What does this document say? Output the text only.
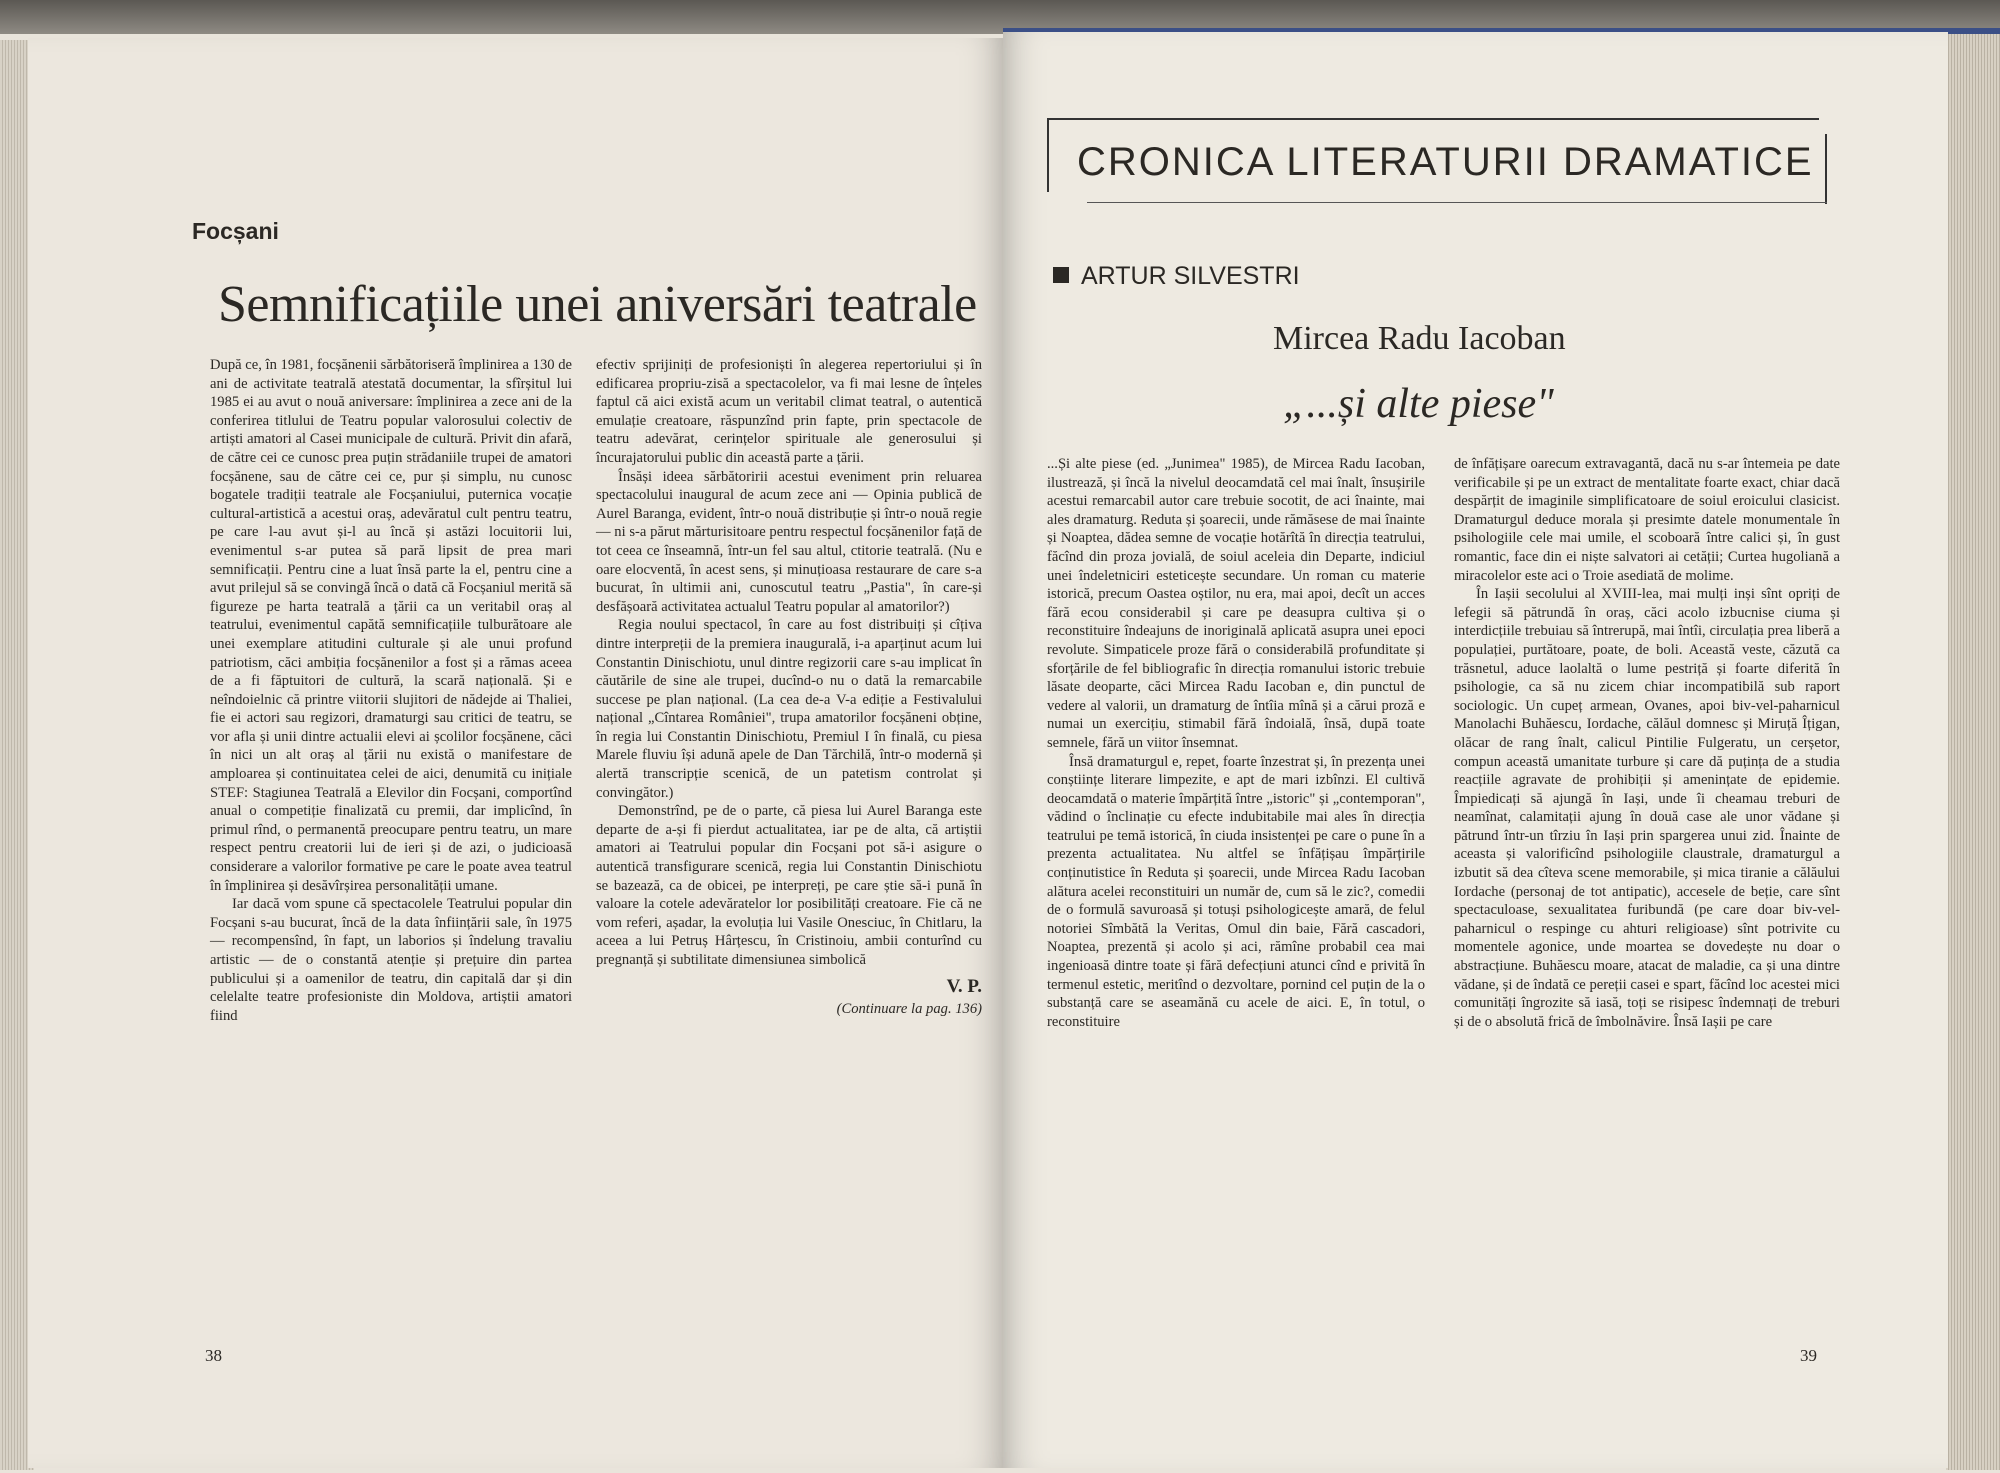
Focșani
Semnificațiile unei aniversări teatrale

După ce, în 1981, focșănenii sărbătoriseră împlinirea a 130 de ani de activitate teatrală atestată documentar, la sfîrșitul lui 1985 ei au avut o nouă aniversare: împlinirea a zece ani de la conferirea titlului de Teatru popular valorosului colectiv de artiști amatori al Casei municipale de cultură. Privit din afară, de către cei ce cunosc prea puțin strădaniile trupei de amatori focșănene, sau de către cei ce, pur și simplu, nu cunosc bogatele tradiții teatrale ale Focșaniului, puternica vocație cultural-artistică a acestui oraș, adevăratul cult pentru teatru, pe care l-au avut și-l au încă și astăzi locuitorii lui, evenimentul s-ar putea să pară lipsit de prea mari semnificații. Pentru cine a luat însă parte la el, pentru cine a avut prilejul să se convingă încă o dată că Focșaniul merită să figureze pe harta teatrală a țării ca un veritabil oraș al teatrului, evenimentul capătă semnificațiile tulburătoare ale unei exemplare atitudini culturale și ale unui profund patriotism, căci ambiția focșănenilor a fost și a rămas aceea de a fi făptuitori de cultură, la scară națională. Și e neîndoielnic că printre viitorii slujitori de nădejde ai Thaliei, fie ei actori sau regizori, dramaturgi sau critici de teatru, se vor afla și unii dintre actualii elevi ai școlilor focșănene, căci în nici un alt oraș al țării nu există o manifestare de amploarea și continuitatea celei de aici, denumită cu inițiale STEF: Stagiunea Teatrală a Elevilor din Focșani, comportînd anual o competiție finalizată cu premii, dar implicînd, în primul rînd, o permanentă preocupare pentru teatru, un mare respect pentru creatorii lui de ieri și de azi, o judicioasă considerare a valorilor formative pe care le poate avea teatrul în împlinirea și desăvîrșirea personalității umane.

Iar dacă vom spune că spectacolele Teatrului popular din Focșani s-au bucurat, încă de la data înființării sale, în 1975 — recompensînd, în fapt, un laborios și îndelung travaliu artistic — de o constantă atenție și prețuire din partea publicului și a oamenilor de teatru, din capitală dar și din celelalte teatre profesioniste din Moldova, artiștii amatori fiind

efectiv sprijiniți de profesioniști în alegerea repertoriului și în edificarea propriu-zisă a spectacolelor, va fi mai lesne de înțeles faptul că aici există acum un veritabil climat teatral, o autentică emulație creatoare, răspunzînd prin fapte, prin spectacole de teatru adevărat, cerințelor spirituale ale generosului și încurajatorului public din această parte a țării.

Însăși ideea sărbătoririi acestui eveniment prin reluarea spectacolului inaugural de acum zece ani — Opinia publică de Aurel Baranga, evident, într-o nouă distribuție și într-o nouă regie — ni s-a părut mărturisitoare pentru respectul focșănenilor față de tot ceea ce înseamnă, într-un fel sau altul, ctitorie teatrală. (Nu e oare elocventă, în acest sens, și minuțioasa restaurare de care s-a bucurat, în ultimii ani, cunoscutul teatru „Pastia", în care-și desfășoară activitatea actualul Teatru popular al amatorilor?)

Regia noului spectacol, în care au fost distribuiți și cîțiva dintre interpreții de la premiera inaugurală, i-a aparținut acum lui Constantin Dinischiotu, unul dintre regizorii care s-au implicat în căutările de sine ale trupei, ducînd-o nu o dată la remarcabile succese pe plan național. (La cea de-a V-a ediție a Festivalului național „Cîntarea României", trupa amatorilor focșăneni obține, în regia lui Constantin Dinischiotu, Premiul I în finală, cu piesa Marele fluviu își adună apele de Dan Tărchilă, într-o modernă și alertă transcripție scenică, de un patetism controlat și convingător.)

Demonstrînd, pe de o parte, că piesa lui Aurel Baranga este departe de a-și fi pierdut actualitatea, iar pe de alta, că artiștii amatori ai Teatrului popular din Focșani pot să-i asigure o autentică transfigurare scenică, regia lui Constantin Dinischiotu se bazează, ca de obicei, pe interpreți, pe care știe să-i pună în valoare la cotele adevăratelor lor posibilități creatoare. Fie că ne vom referi, așadar, la evoluția lui Vasile Onesciuc, în Chitlaru, la aceea a lui Petruș Hârțescu, în Cristinoiu, ambii conturînd cu pregnanță și subtilitate dimensiunea simbolică

V. P.
(Continuare la pag. 136)
38
CRONICA LITERATURII DRAMATICE
ARTUR SILVESTRI
Mircea Radu Iacoban
„...și alte piese"

...Și alte piese (ed. „Junimea" 1985), de Mircea Radu Iacoban, ilustrează, și încă la nivelul deocamdată cel mai înalt, însușirile acestui remarcabil autor care trebuie socotit, de aci înainte, mai ales dramaturg. Reduta și șoarecii, unde rămăsese de mai înainte și Noaptea, dădea semne de vocație hotărîtă în direcția teatrului, făcînd din proza jovială, de soiul aceleia din Departe, indiciul unei îndeletniciri esteticește secundare. Un roman cu materie istorică, precum Oastea oștilor, nu era, mai apoi, decît un acces fără ecou considerabil și care pe deasupra cultiva și o reconstituire îndeajuns de inoriginală aplicată asupra unei epoci revolute. Simpaticele proze fără o considerabilă profunditate și sforțările de fel bibliografic în direcția romanului istoric trebuie lăsate deoparte, căci Mircea Radu Iacoban e, din punctul de vedere al valorii, un dramaturg de întîia mînă și a cărui proză e numai un exercițiu, stimabil fără îndoială, însă, după toate semnele, fără un viitor însemnat.

Însă dramaturgul e, repet, foarte înzestrat și, în prezența unei conștiințe literare limpezite, e apt de mari izbînzi. El cultivă deocamdată o materie împărțită între „istoric" și „contemporan", vădind o înclinație cu efecte indubitabile mai ales în direcția teatrului pe temă istorică, în ciuda insistenței pe care o pune în a prezenta actualitatea. Nu altfel se înfățișau împărțirile conținutistice în Reduta și șoarecii, unde Mircea Radu Iacoban alătura acelei reconstituiri un număr de, cum să le zic?, comedii de o formulă savuroasă și totuși psihologicește amară, de felul notoriei Sîmbătă la Veritas, Omul din baie, Fără cascadori, Noaptea, prezentă și acolo și aci, rămîne probabil cea mai ingenioasă dintre toate și fără defecțiuni atunci cînd e privită în termenul estetic, meritînd o dezvoltare, pornind cel puțin de la o substanță care se aseamănă cu acele de aici. E, în totul, o reconstituire

de înfățișare oarecum extravagantă, dacă nu s-ar întemeia pe date verificabile și pe un extract de mentalitate foarte exact, chiar dacă despărțit de imaginile simplificatoare de soiul eroicului clasicist. Dramaturgul deduce morala și presimte datele monumentale în psihologiile cele mai umile, el scoboară între calici și, în gust romantic, face din ei niște salvatori ai cetății; Curtea hugoliană a miracolelor este aci o Troie asediată de molime.

În Iașii secolului al XVIII-lea, mai mulți inși sînt opriți de lefegii să pătrundă în oraș, căci acolo izbucnise ciuma și interdicțiile trebuiau să întrerupă, mai întîi, circulația prea liberă a populației, purtătoare, poate, de boli. Această veste, căzută ca trăsnetul, aduce laolaltă o lume pestriță și foarte diferită în psihologie, ca să nu zicem chiar incompatibilă sub raport sociologic. Un cupeț armean, Ovanes, apoi biv-vel-paharnicul Manolachi Buhăescu, Iordache, călăul domnesc și Miruță Îțigan, olăcar de rang înalt, calicul Pintilie Fulgeratu, un cerșetor, compun această umanitate turbure și care dă puțința de a studia reacțiile agravate de prohibiții și amenințate de epidemie. Împiedicați să ajungă în Iași, unde îi cheamau treburi de neamînat, calamitații ajung în două case ale unor vădane și pătrund într-un tîrziu în Iași prin spargerea unui zid. Înainte de aceasta și valorificînd psihologiile claustrale, dramaturgul a izbutit să dea cîteva scene memorabile, și mica tiranie a călăului Iordache (personaj de tot antipatic), accesele de beție, care sînt spectaculoase, sexualitatea furibundă (pe care doar biv-vel-paharnicul o respinge cu ahturi religioase) sînt potrivite cu momentele agonice, unde moartea se dovedește nu doar o abstracțiune. Buhăescu moare, atacat de maladie, ca și una dintre vădane, și de îndată ce pereții casei e spart, făcînd loc acestei mici comunități îngrozite să iasă, toți se risipesc îndemnați de treburi și de o absolută frică de îmbolnăvire. Însă Iașii pe care

39
